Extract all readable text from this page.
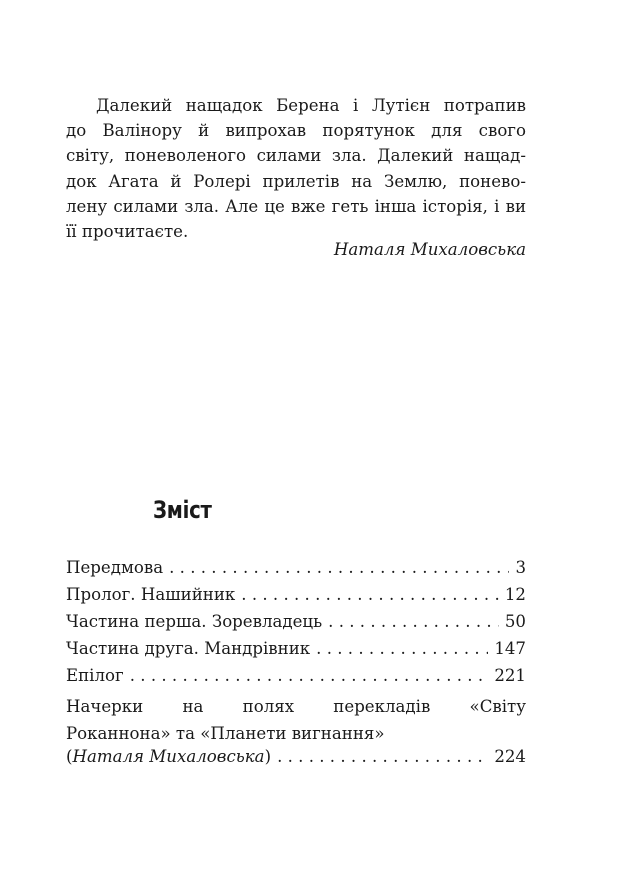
Далекий нащадок Берена і Лутієн потрапив
до Валінору й випрохав порятунок для свого
світу, поневоленого силами зла. Далекий нащад-
док Агата й Ролері прилетів на Землю, понево-
лену силами зла. Але це вже геть інша історія, і ви
її прочитаєте.
Наталя Михаловська
Зміст
Передмова . . .	3
Пролог. Нашийник . . .	12
Частина перша. Зоревладець . . .	50
Частина друга. Мандрівник . . .	147
Епілог . . .	221
Начерки на полях перекладів «Світу
Роканнона» та «Планети вигнання»
(Наталя Михаловська) . . .	224
